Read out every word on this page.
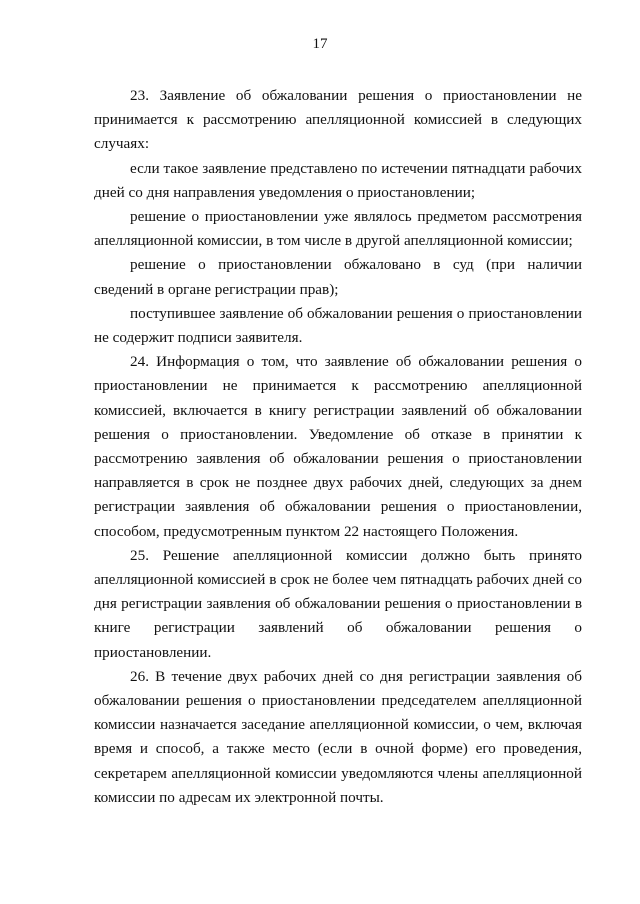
17

23. Заявление об обжаловании решения о приостановлении не принимается к рассмотрению апелляционной комиссией в следующих случаях:

если такое заявление представлено по истечении пятнадцати рабочих дней со дня направления уведомления о приостановлении;

решение о приостановлении уже являлось предметом рассмотрения апелляционной комиссии, в том числе в другой апелляционной комиссии;

решение о приостановлении обжаловано в суд (при наличии сведений в органе регистрации прав);

поступившее заявление об обжаловании решения о приостановлении не содержит подписи заявителя.

24. Информация о том, что заявление об обжаловании решения о приостановлении не принимается к рассмотрению апелляционной комиссией, включается в книгу регистрации заявлений об обжаловании решения о приостановлении. Уведомление об отказе в принятии к рассмотрению заявления об обжаловании решения о приостановлении направляется в срок не позднее двух рабочих дней, следующих за днем регистрации заявления об обжаловании решения о приостановлении, способом, предусмотренным пунктом 22 настоящего Положения.

25. Решение апелляционной комиссии должно быть принято апелляционной комиссией в срок не более чем пятнадцать рабочих дней со дня регистрации заявления об обжаловании решения о приостановлении в книге регистрации заявлений об обжаловании решения о приостановлении.

26. В течение двух рабочих дней со дня регистрации заявления об обжаловании решения о приостановлении председателем апелляционной комиссии назначается заседание апелляционной комиссии, о чем, включая время и способ, а также место (если в очной форме) его проведения, секретарем апелляционной комиссии уведомляются члены апелляционной комиссии по адресам их электронной почты.
